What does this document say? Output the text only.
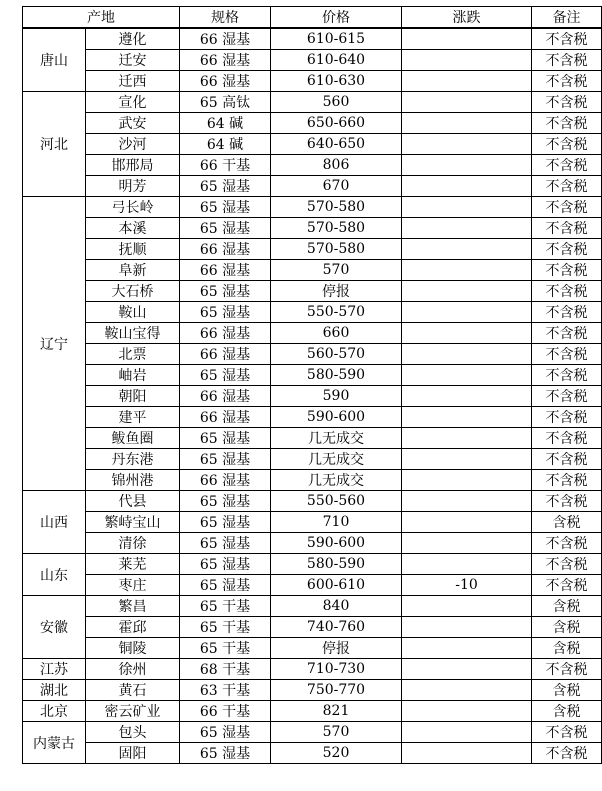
产地		规格	价格	涨跌	备注
唐山	遵化	66 湿基	610-615		不含税
	迁安	66 湿基	610-640		不含税
	迁西	66 湿基	610-630		不含税
河北	宣化	65 高钛	560		不含税
	武安	64 碱	650-660		不含税
	沙河	64 碱	640-650		不含税
	邯邢局	66 干基	806		不含税
	明芳	65 湿基	670		不含税
辽宁	弓长岭	65 湿基	570-580		不含税
	本溪	65 湿基	570-580		不含税
	抚顺	66 湿基	570-580		不含税
	阜新	66 湿基	570		不含税
	大石桥	65 湿基	停报		不含税
	鞍山	65 湿基	550-570		不含税
	鞍山宝得	66 湿基	660		不含税
	北票	66 湿基	560-570		不含税
	岫岩	65 湿基	580-590		不含税
	朝阳	66 湿基	590		不含税
	建平	66 湿基	590-600		不含税
	鲅鱼圈	65 湿基	几无成交		不含税
	丹东港	65 湿基	几无成交		不含税
	锦州港	66 湿基	几无成交		不含税
山西	代县	65 湿基	550-560		不含税
	繁峙宝山	65 湿基	710		含税
	清徐	65 湿基	590-600		不含税
山东	莱芜	65 湿基	580-590		不含税
	枣庄	65 湿基	600-610	-10	不含税
安徽	繁昌	65 干基	840		含税
	霍邱	65 干基	740-760		含税
	铜陵	65 干基	停报		含税
江苏	徐州	68 干基	710-730		不含税
湖北	黄石	63 干基	750-770		含税
北京	密云矿业	66 干基	821		含税
内蒙古	包头	65 湿基	570		不含税
	固阳	65 湿基	520		不含税
